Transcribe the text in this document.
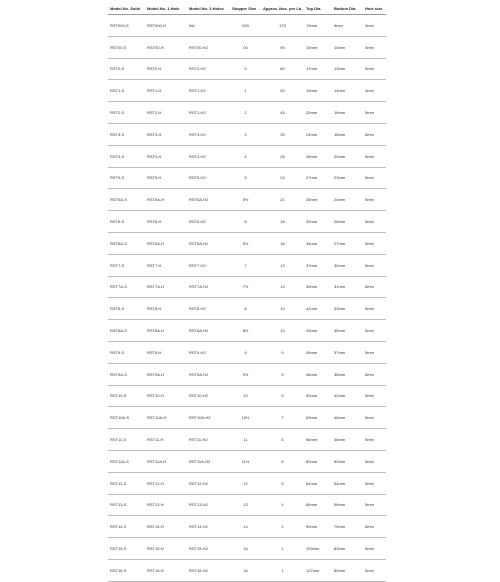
Model No. Solid	Model No. 1-Hole	Model No. 2-Holes	Stopper Size	Approx. Nos. per Lb.	Top Dia.	Bottom Dia.	Hole size
RST000-S	RST000-H	NA	000	170	13mm	9mm	3mm
RST00-S	RST00-H	RST00-H2	00	90	15mm	10mm	3mm
RST0-S	RST0-H	RST0-H2	0	60	17mm	13mm	3mm
RST1-S	RST1-H	RST1-H2	1	52	19mm	14mm	4mm
RST2-S	RST2-H	RST2-H2	2	45	20mm	16mm	5mm
RST3-S	RST3-H	RST3-H2	3	33	24mm	18mm	5mm
RST4-S	RST4-H	RST4-H2	4	26	26mm	20mm	5mm
RST5-S	RST5-H	RST5-H2	5	24	27mm	23mm	5mm
RST5A-S	RST5A-H	RST5A-H2	5½	21	28mm	24mm	5mm
RST6-S	RST6-H	RST6-H2	6	18	32mm	26mm	5mm
RST6A-S	RST6A-H	RST6A-H2	6½	16	34mm	27mm	5mm
RST7-S	RST7-H	RST7-H2	7	13	37mm	30mm	5mm
RST7A-S	RST7A-H	RST7A-H2	7½	13	39mm	31mm	5mm
RST8-S	RST8-H	RST8-H2	8	10	41mm	33mm	5mm
RST8A-S	RST8A-H	RST8A-H2	8½	10	43mm	35mm	5mm
RST9-S	RST9-H	RST9-H2	9	9	45mm	37mm	5mm
RST9A-S	RST9A-H	RST9A-H2	9½	9	46mm	38mm	5mm
RST10-S	RST10-H	RST10-H2	10	9	50mm	42mm	5mm
RST10A-S	RST10A-H	RST10A-H2	10½	7	53mm	45mm	5mm
RST11-S	RST11-H	RST11-H2	11	6	56mm	46mm	5mm
RST11A-S	RST11A-H	RST11A-H2	11½	6	60mm	50mm	5mm
RST12-S	RST12-H	RST12-H2	12	5	64mm	54mm	5mm
RST13-S	RST13-H	RST13-H2	13	4	66mm	56mm	5mm
RST14-S	RST14-H	RST14-H2	14	1	90mm	75mm	5mm
RST15-S	RST15-H	RST15-H2	15	1	103mm	83mm	5mm
RST16-S	RST16-H	RST16-H2	16	1	127mm	80mm	5mm
